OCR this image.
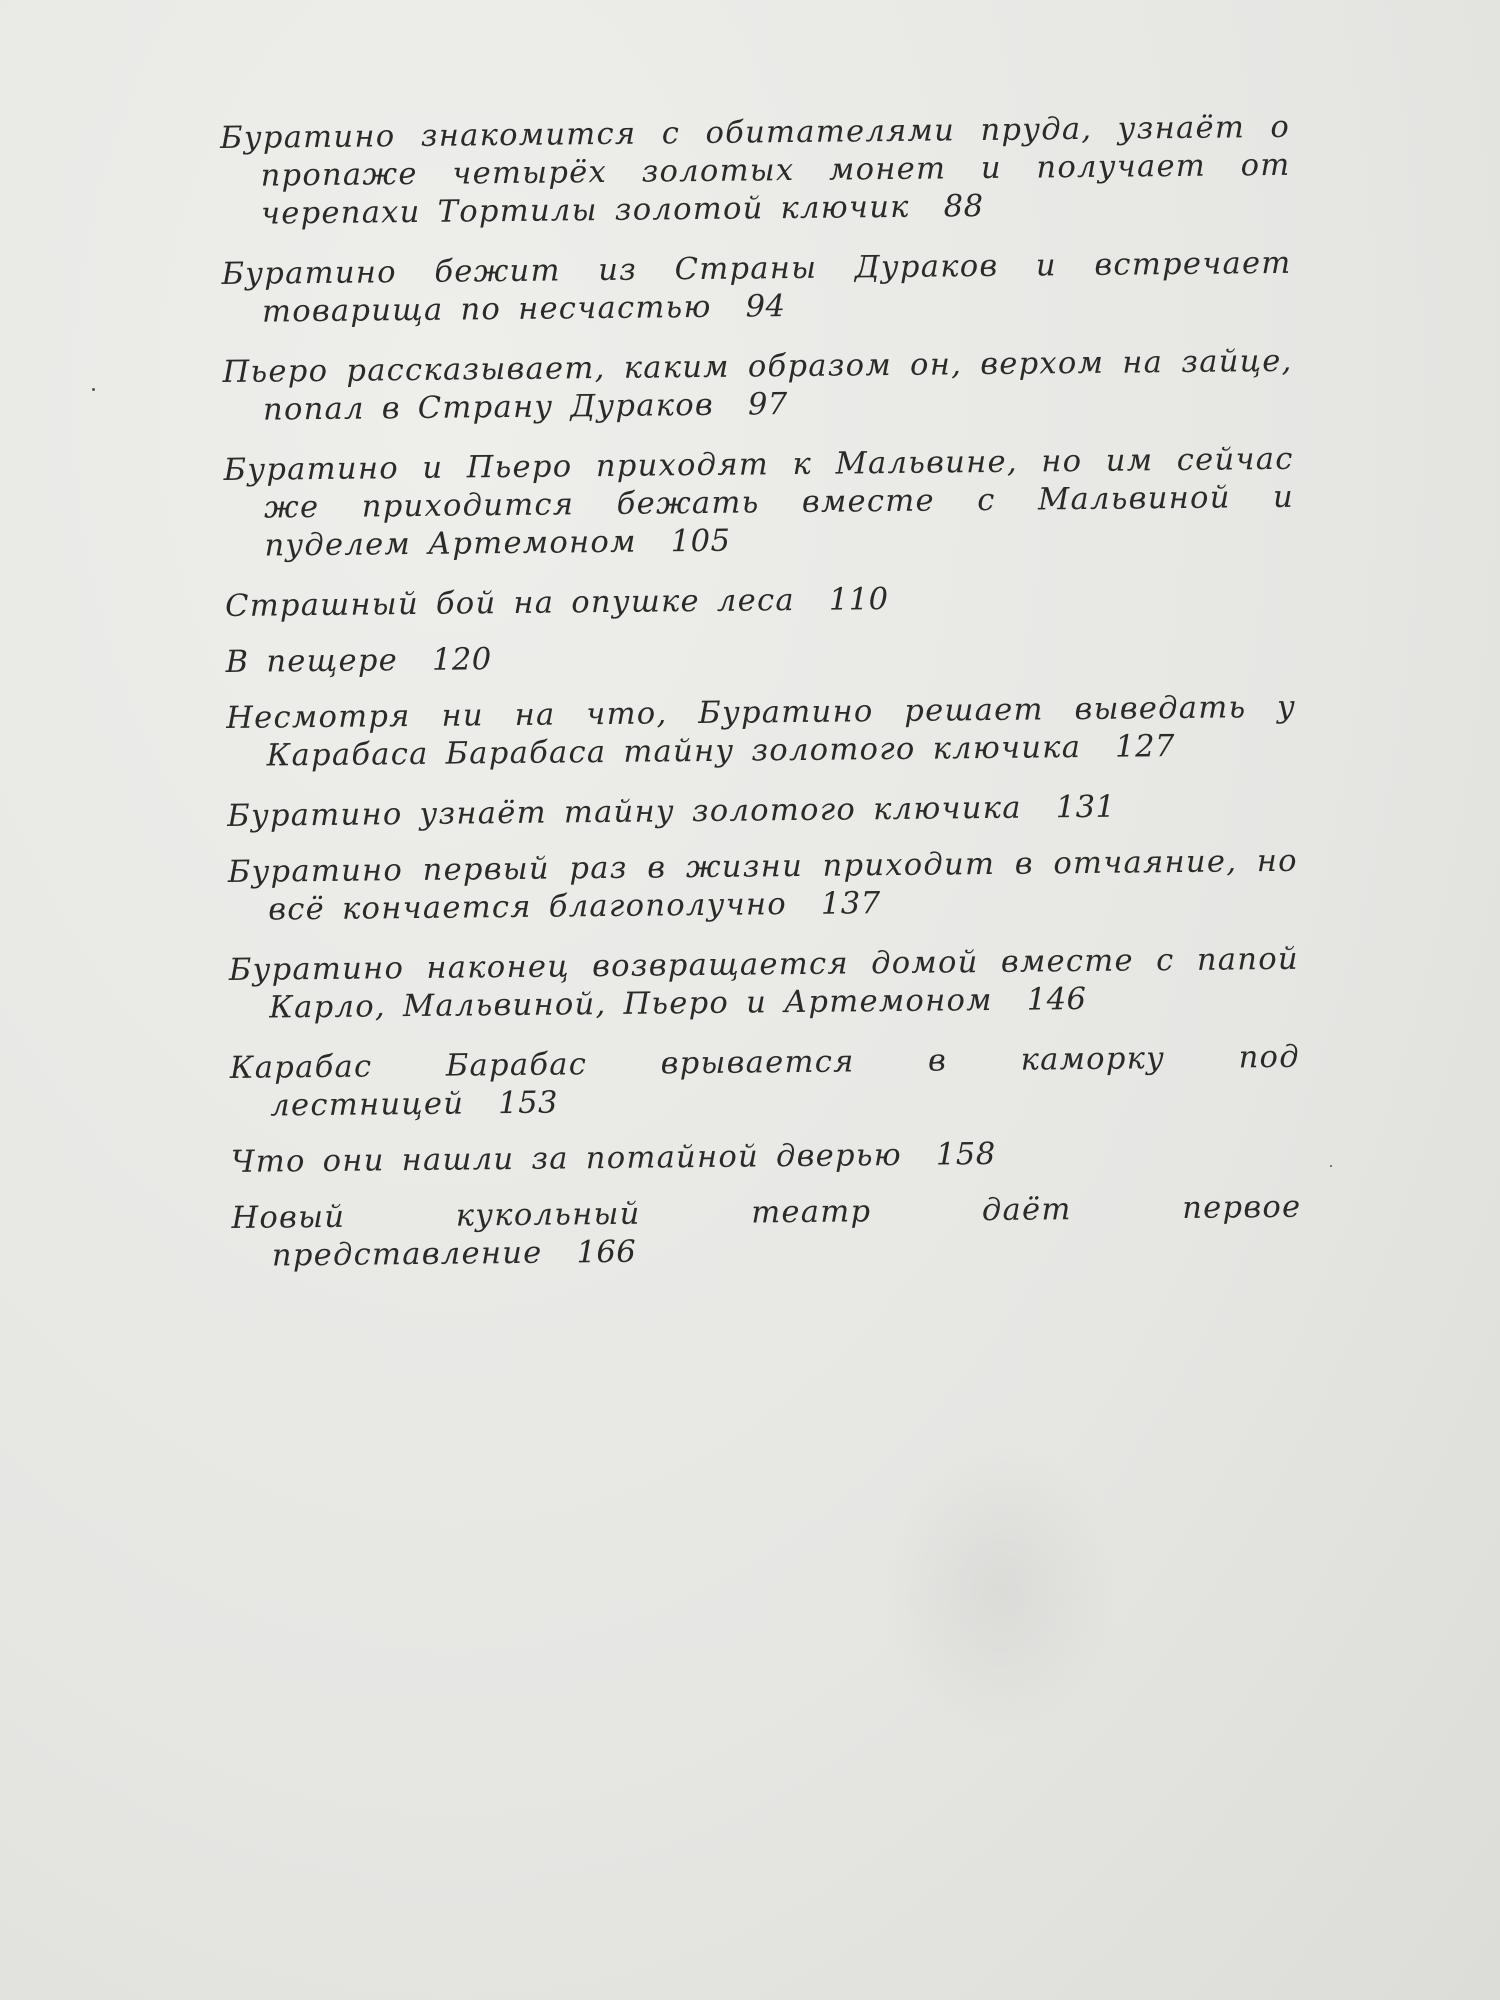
Буратино знакомится с обитателями пруда, узнаёт о пропаже четырёх золотых монет и получает от черепахи Тортилы золотой ключик 88

Буратино бежит из Страны Дураков и встречает товарища по несчастью 94

Пьеро рассказывает, каким образом он, верхом на зайце, попал в Страну Дураков 97

Буратино и Пьеро приходят к Мальвине, но им сейчас же приходится бежать вместе с Мальвиной и пуделем Артемоном 105

Страшный бой на опушке леса 110

В пещере 120

Несмотря ни на что, Буратино решает выведать у Карабаса Барабаса тайну золотого ключика 127

Буратино узнаёт тайну золотого ключика 131

Буратино первый раз в жизни приходит в отчаяние, но всё кончается благополучно 137

Буратино наконец возвращается домой вместе с папой Карло, Мальвиной, Пьеро и Артемоном 146

Карабас Барабас врывается в каморку под лестницей 153

Что они нашли за потайной дверью 158

Новый кукольный театр даёт первое представление 166
